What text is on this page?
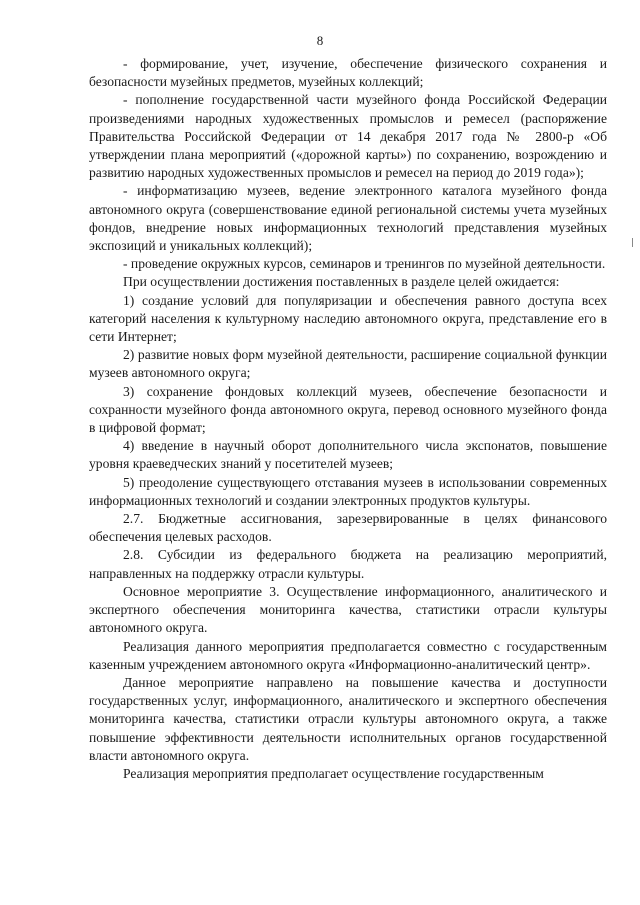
8

- формирование, учет, изучение, обеспечение физического сохранения и безопасности музейных предметов, музейных коллекций;

- пополнение государственной части музейного фонда Российской Федерации произведениями народных художественных промыслов и ремесел (распоряжение Правительства Российской Федерации от 14 декабря 2017 года № 2800-р «Об утверждении плана мероприятий («дорожной карты») по сохранению, возрождению и развитию народных художественных промыслов и ремесел на период до 2019 года»);

- информатизацию музеев, ведение электронного каталога музейного фонда автономного округа (совершенствование единой региональной системы учета музейных фондов, внедрение новых информационных технологий представления музейных экспозиций и уникальных коллекций);

- проведение окружных курсов, семинаров и тренингов по музейной деятельности.

При осуществлении достижения поставленных в разделе целей ожидается:

1) создание условий для популяризации и обеспечения равного доступа всех категорий населения к культурному наследию автономного округа, представление его в сети Интернет;

2) развитие новых форм музейной деятельности, расширение социальной функции музеев автономного округа;

3) сохранение фондовых коллекций музеев, обеспечение безопасности и сохранности музейного фонда автономного округа, перевод основного музейного фонда в цифровой формат;

4) введение в научный оборот дополнительного числа экспонатов, повышение уровня краеведческих знаний у посетителей музеев;

5) преодоление существующего отставания музеев в использовании современных информационных технологий и создании электронных продуктов культуры.

2.7. Бюджетные ассигнования, зарезервированные в целях финансового обеспечения целевых расходов.

2.8. Субсидии из федерального бюджета на реализацию мероприятий, направленных на поддержку отрасли культуры.

Основное мероприятие 3. Осуществление информационного, аналитического и экспертного обеспечения мониторинга качества, статистики отрасли культуры автономного округа.

Реализация данного мероприятия предполагается совместно с государственным казенным учреждением автономного округа «Информационно-аналитический центр».

Данное мероприятие направлено на повышение качества и доступности государственных услуг, информационного, аналитического и экспертного обеспечения мониторинга качества, статистики отрасли культуры автономного округа, а также повышение эффективности деятельности исполнительных органов государственной власти автономного округа.

Реализация мероприятия предполагает осуществление государственным
